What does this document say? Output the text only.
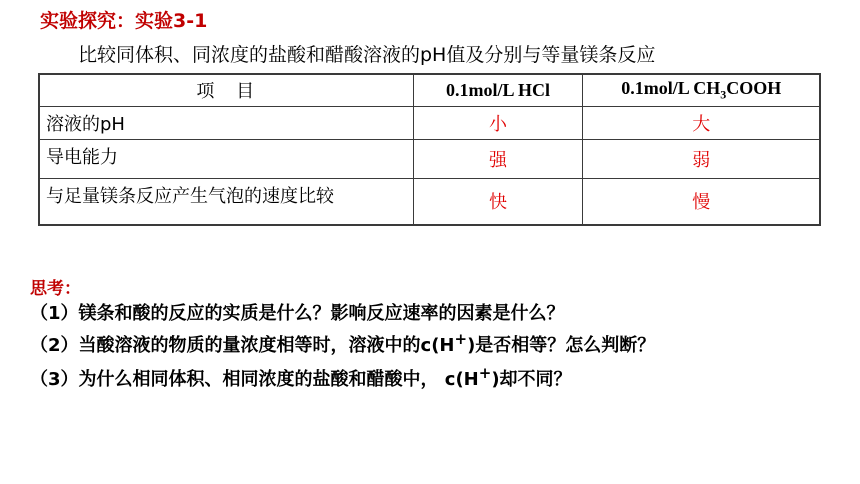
实验探究：实验3-1
比较同体积、同浓度的盐酸和醋酸溶液的pH值及分别与等量镁条反应
项 目	0.1mol/L HCl	0.1mol/L $CH_3COOH$
溶液的pH	小	大
导电能力	强	弱
与足量镁条反应产生气泡的速度比较	快	慢
思考：
（1）镁条和酸的反应的实质是什么？影响反应速率的因素是什么？
（2）当酸溶液的物质的量浓度相等时，溶液中的c(H+)是否相等？怎么判断？
（3）为什么相同体积、相同浓度的盐酸和醋酸中， c(H+)却不同？
